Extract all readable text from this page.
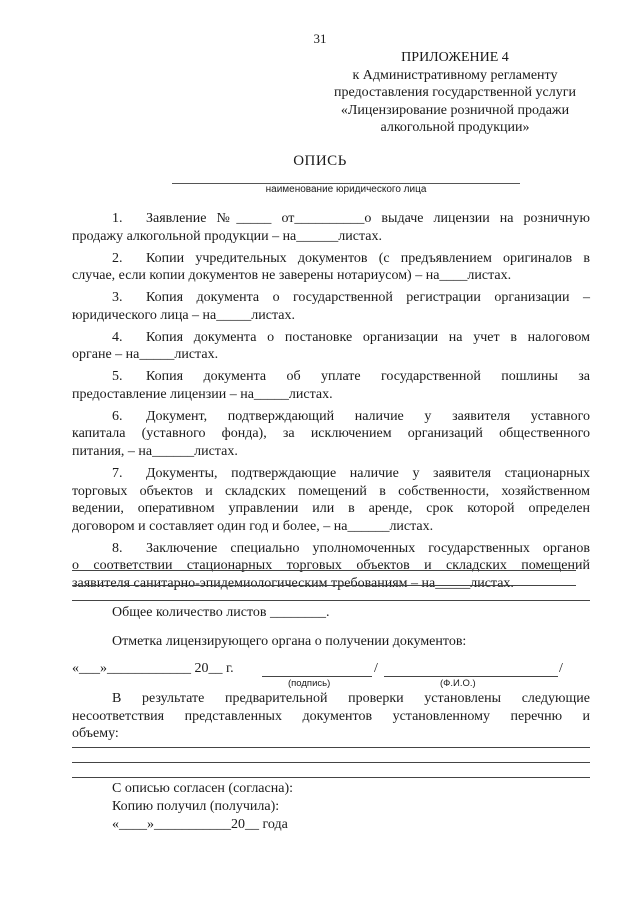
31
ПРИЛОЖЕНИЕ 4
к Административному регламенту
предоставления государственной услуги
«Лицензирование розничной продажи
алкогольной продукции»
ОПИСЬ
наименование юридического лица
1. Заявление №_____ от__________о выдаче лицензии на розничную
продажу алкогольной продукции – на______листах.
2. Копии учредительных документов (с предъявлением оригиналов в
случае, если копии документов не заверены нотариусом) – на____листах.
3. Копия документа о государственной регистрации организации –
юридического лица – на_____листах.
4. Копия документа о постановке организации на учет в налоговом
органе – на_____листах.
5. Копия документа об уплате государственной пошлины за
предоставление лицензии – на_____листах.
6. Документ, подтверждающий наличие у заявителя уставного
капитала (уставного фонда), за исключением организаций общественного
питания, – на______листах.
7. Документы, подтверждающие наличие у заявителя стационарных
торговых объектов и складских помещений в собственности, хозяйственном
ведении, оперативном управлении или в аренде, срок которой определен
договором и составляет один год и более, – на______листах.
8. Заключение специально уполномоченных государственных органов
о соответствии стационарных торговых объектов и складских помещений
заявителя санитарно-эпидемиологическим требованиям – на_____листах.
Общее количество листов ________.
Отметка лицензирующего органа о получении документов:
«___»____________ 20__ г.	/	/
(подпись)	(Ф.И.О.)
В результате предварительной проверки установлены следующие
несоответствия представленных документов установленному перечню и
объему:
С описью согласен (согласна):
Копию получил (получила):
«____»___________20__ года
